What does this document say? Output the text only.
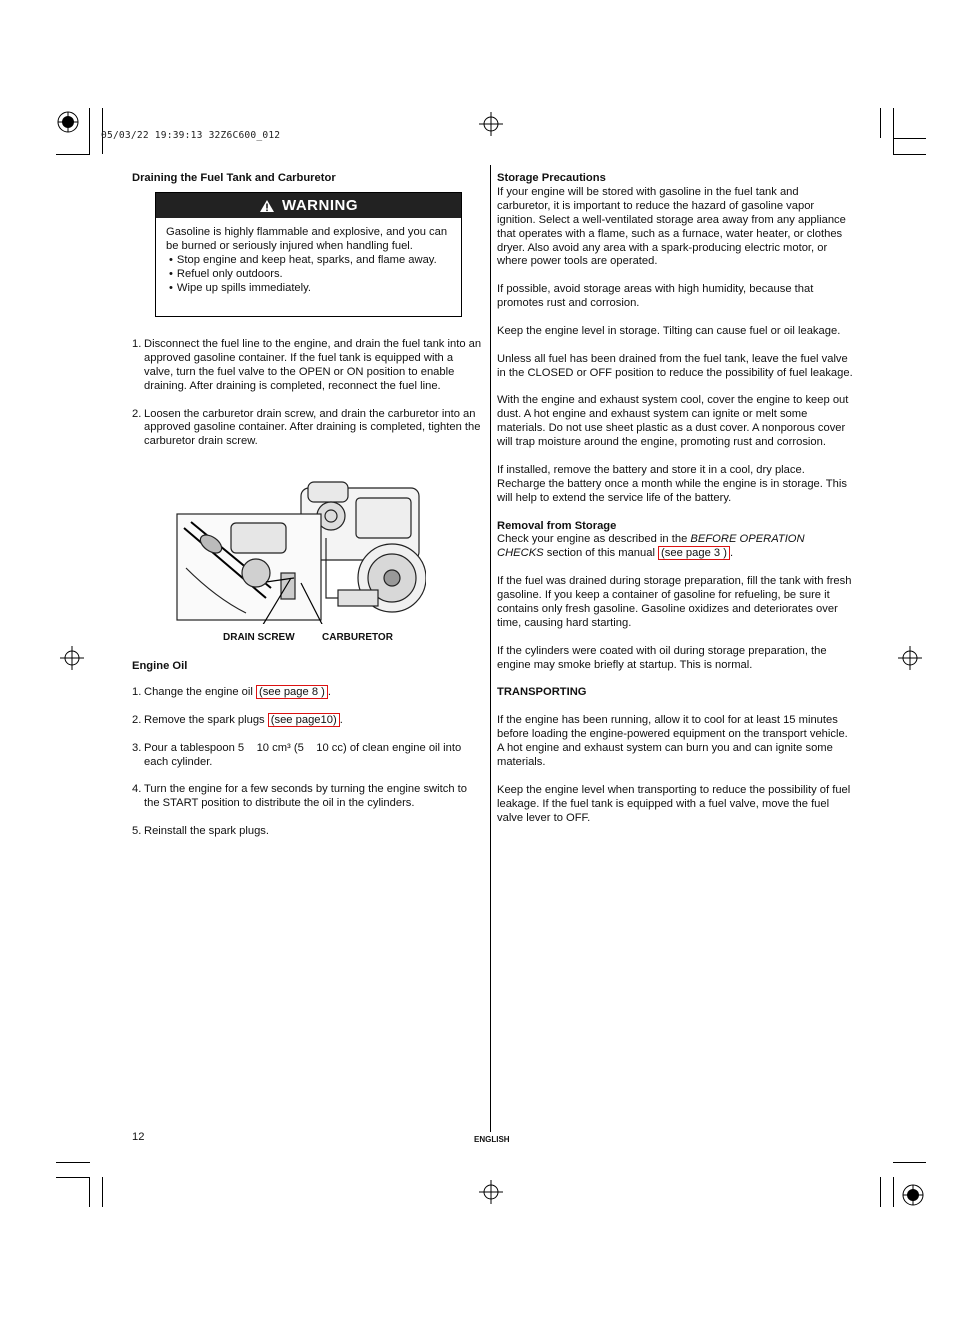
05/03/22 19:39:13 32Z6C600_012
Draining the Fuel Tank and Carburetor
WARNING
Gasoline is highly flammable and explosive, and you can be burned or seriously injured when handling fuel.
• Stop engine and keep heat, sparks, and flame away.
• Refuel only outdoors.
• Wipe up spills immediately.
1. Disconnect the fuel line to the engine, and drain the fuel tank into an approved gasoline container. If the fuel tank is equipped with a valve, turn the fuel valve to the OPEN or ON position to enable draining. After draining is completed, reconnect the fuel line.
2. Loosen the carburetor drain screw, and drain the carburetor into an approved gasoline container. After draining is completed, tighten the carburetor drain screw.
DRAIN SCREW	CARBURETOR
Engine Oil
1. Change the engine oil (see page 8 ) .
2. Remove the spark plugs (see page10) .
3. Pour a tablespoon 5    10 cm³ (5    10 cc) of clean engine oil into each cylinder.
4. Turn the engine for a few seconds by turning the engine switch to the START position to distribute the oil in the cylinders.
5. Reinstall the spark plugs.
Storage Precautions

If your engine will be stored with gasoline in the fuel tank and carburetor, it is important to reduce the hazard of gasoline vapor ignition. Select a well-ventilated storage area away from any appliance that operates with a flame, such as a furnace, water heater, or clothes dryer. Also avoid any area with a spark-producing electric motor, or where power tools are operated.

If possible, avoid storage areas with high humidity, because that promotes rust and corrosion.

Keep the engine level in storage. Tilting can cause fuel or oil leakage.

Unless all fuel has been drained from the fuel tank, leave the fuel valve in the CLOSED or OFF position to reduce the possibility of fuel leakage.

With the engine and exhaust system cool, cover the engine to keep out dust. A hot engine and exhaust system can ignite or melt some materials. Do not use sheet plastic as a dust cover. A nonporous cover will trap moisture around the engine, promoting rust and corrosion.

If installed, remove the battery and store it in a cool, dry place. Recharge the battery once a month while the engine is in storage. This will help to extend the service life of the battery.

Removal from Storage

Check your engine as described in the BEFORE OPERATION CHECKS section of this manual (see page 3 ) .

If the fuel was drained during storage preparation, fill the tank with fresh gasoline. If you keep a container of gasoline for refueling, be sure it contains only fresh gasoline. Gasoline oxidizes and deteriorates over time, causing hard starting.

If the cylinders were coated with oil during storage preparation, the engine may smoke briefly at startup. This is normal.

TRANSPORTING

If the engine has been running, allow it to cool for at least 15 minutes before loading the engine-powered equipment on the transport vehicle. A hot engine and exhaust system can burn you and can ignite some materials.

Keep the engine level when transporting to reduce the possibility of fuel leakage. If the fuel tank is equipped with a fuel valve, move the fuel valve lever to OFF.

12	ENGLISH
